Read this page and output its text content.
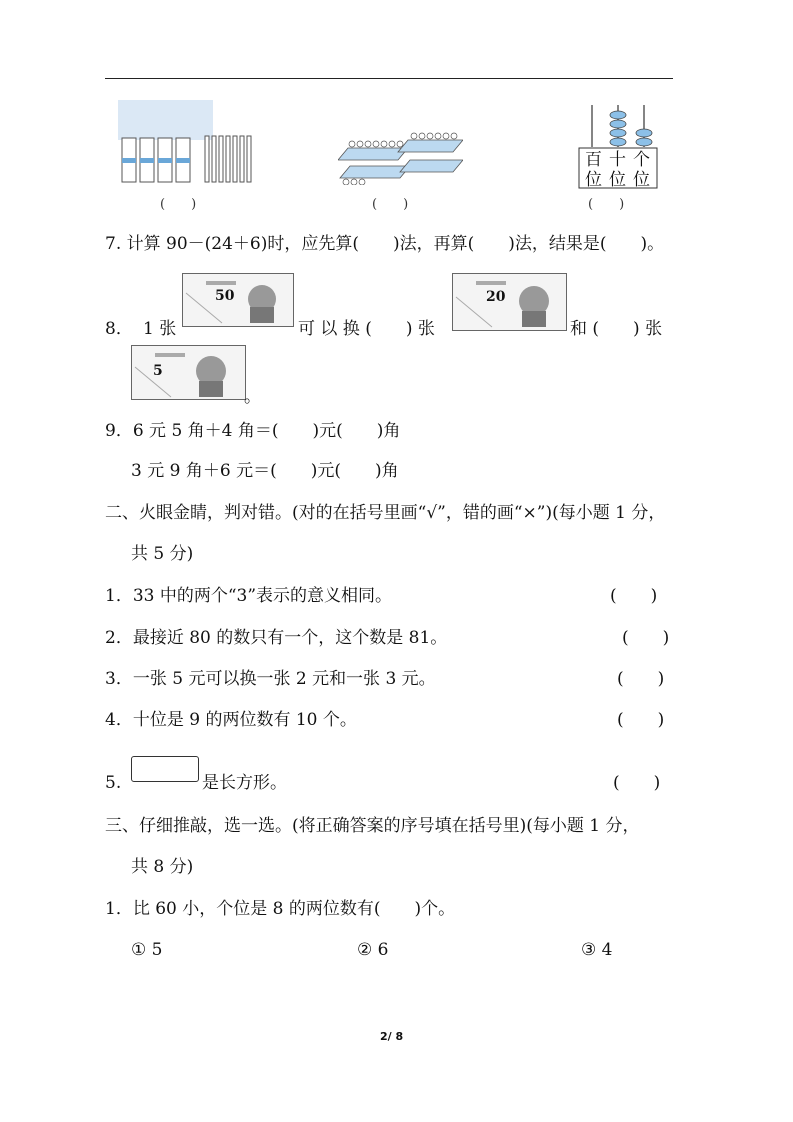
百
位
十
位
个
位
(　　)	(　　)	(　　)
7. 计算 90－(24＋6)时，应先算(　　)法，再算(　　)法，结果是(　　)。
50	20
8． 1 张	可 以 换 (　　) 张	和 (　　) 张
5
。
9．6 元 5 角＋4 角＝(　　)元(　　)角
3 元 9 角＋6 元＝(　　)元(　　)角
二、火眼金睛，判对错。(对的在括号里画“√”，错的画“×”)(每小题 1 分，
共 5 分)
1．33 中的两个“3”表示的意义相同。	(　　)
2．最接近 80 的数只有一个，这个数是 81。	(　　)
3．一张 5 元可以换一张 2 元和一张 3 元。	(　　)
4．十位是 9 的两位数有 10 个。	(　　)
5.	是长方形。	(　　)
三、仔细推敲，选一选。(将正确答案的序号填在括号里)(每小题 1 分，
共 8 分)
1．比 60 小，个位是 8 的两位数有(　　)个。
① 5	② 6	③ 4
2/ 8
